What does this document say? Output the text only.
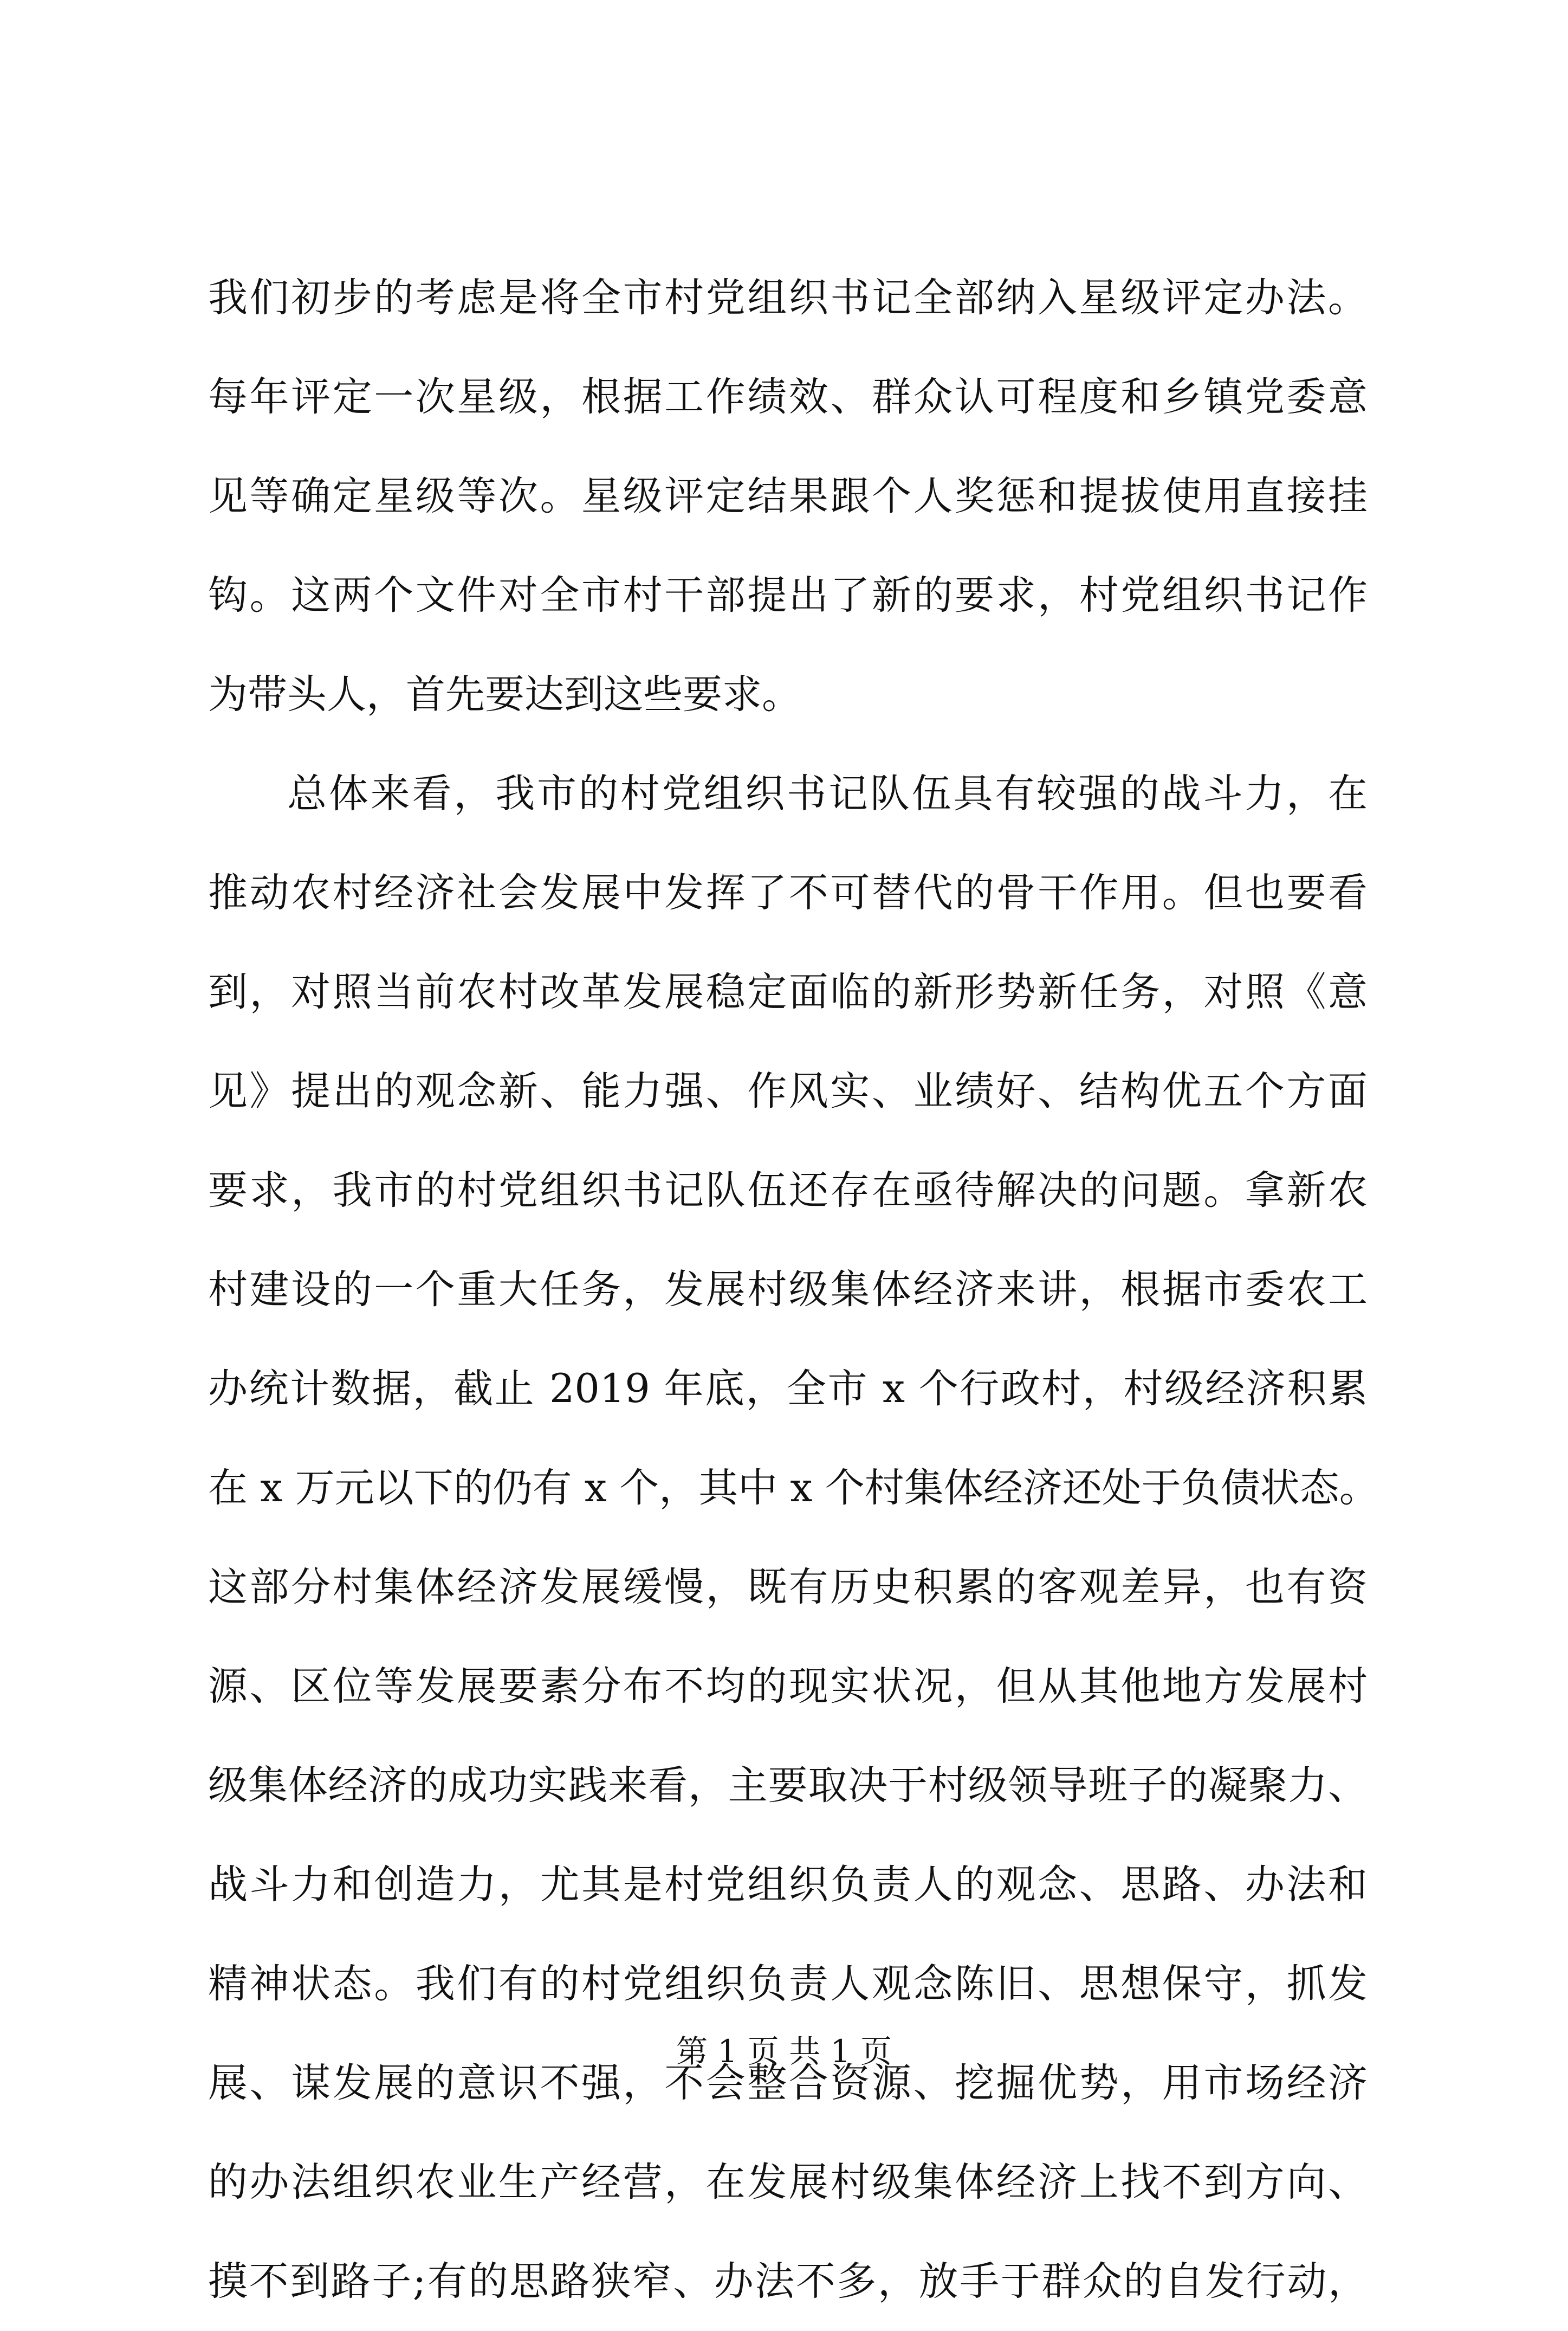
我们初步的考虑是将全市村党组织书记全部纳入星级评定办法。
每年评定一次星级，根据工作绩效、群众认可程度和乡镇党委意
见等确定星级等次。星级评定结果跟个人奖惩和提拔使用直接挂
钩。这两个文件对全市村干部提出了新的要求，村党组织书记作
为带头人，首先要达到这些要求。
总体来看，我市的村党组织书记队伍具有较强的战斗力，在
推动农村经济社会发展中发挥了不可替代的骨干作用。但也要看
到，对照当前农村改革发展稳定面临的新形势新任务，对照《意
见》提出的观念新、能力强、作风实、业绩好、结构优五个方面
要求，我市的村党组织书记队伍还存在亟待解决的问题。拿新农
村建设的一个重大任务，发展村级集体经济来讲，根据市委农工
办统计数据，截止 2019 年底，全市 x 个行政村，村级经济积累
在 x 万元以下的仍有 x 个，其中 x 个村集体经济还处于负债状态。
这部分村集体经济发展缓慢，既有历史积累的客观差异，也有资
源、区位等发展要素分布不均的现实状况，但从其他地方发展村
级集体经济的成功实践来看，主要取决于村级领导班子的凝聚力、
战斗力和创造力，尤其是村党组织负责人的观念、思路、办法和
精神状态。我们有的村党组织负责人观念陈旧、思想保守，抓发
展、谋发展的意识不强，不会整合资源、挖掘优势，用市场经济
的办法组织农业生产经营，在发展村级集体经济上找不到方向、
摸不到路子;有的思路狭窄、办法不多，放手于群众的自发行动，
第 1 页 共 1 页
